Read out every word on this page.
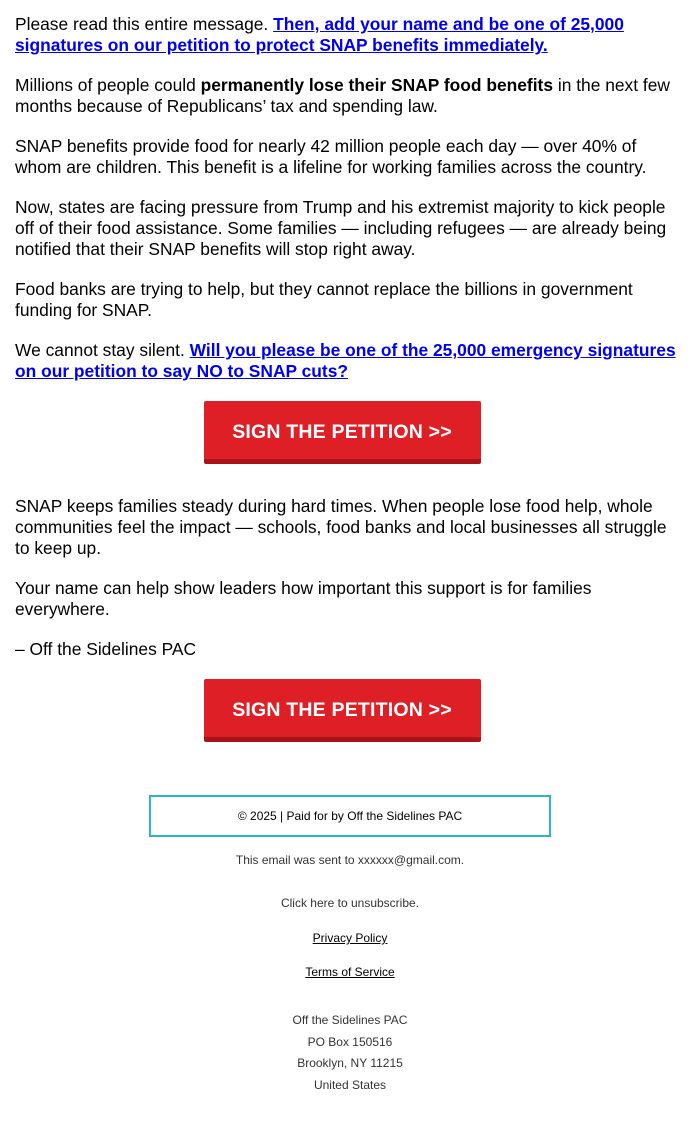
Please read this entire message. Then, add your name and be one of 25,000 signatures on our petition to protect SNAP benefits immediately.

Millions of people could permanently lose their SNAP food benefits in the next few months because of Republicans’ tax and spending law.

SNAP benefits provide food for nearly 42 million people each day — over 40% of whom are children. This benefit is a lifeline for working families across the country.

Now, states are facing pressure from Trump and his extremist majority to kick people off of their food assistance. Some families — including refugees — are already being notified that their SNAP benefits will stop right away.

Food banks are trying to help, but they cannot replace the billions in government funding for SNAP.

We cannot stay silent. Will you please be one of the 25,000 emergency signatures on our petition to say NO to SNAP cuts?

SIGN THE PETITION >>

SNAP keeps families steady during hard times. When people lose food help, whole communities feel the impact — schools, food banks and local businesses all struggle to keep up.

Your name can help show leaders how important this support is for families everywhere.

– Off the Sidelines PAC

SIGN THE PETITION >>
© 2025 | Paid for by Off the Sidelines PAC
This email was sent to xxxxxx@gmail.com.
Click here to unsubscribe.
Privacy Policy
Terms of Service
Off the Sidelines PAC
PO Box 150516
Brooklyn, NY 11215
United States
